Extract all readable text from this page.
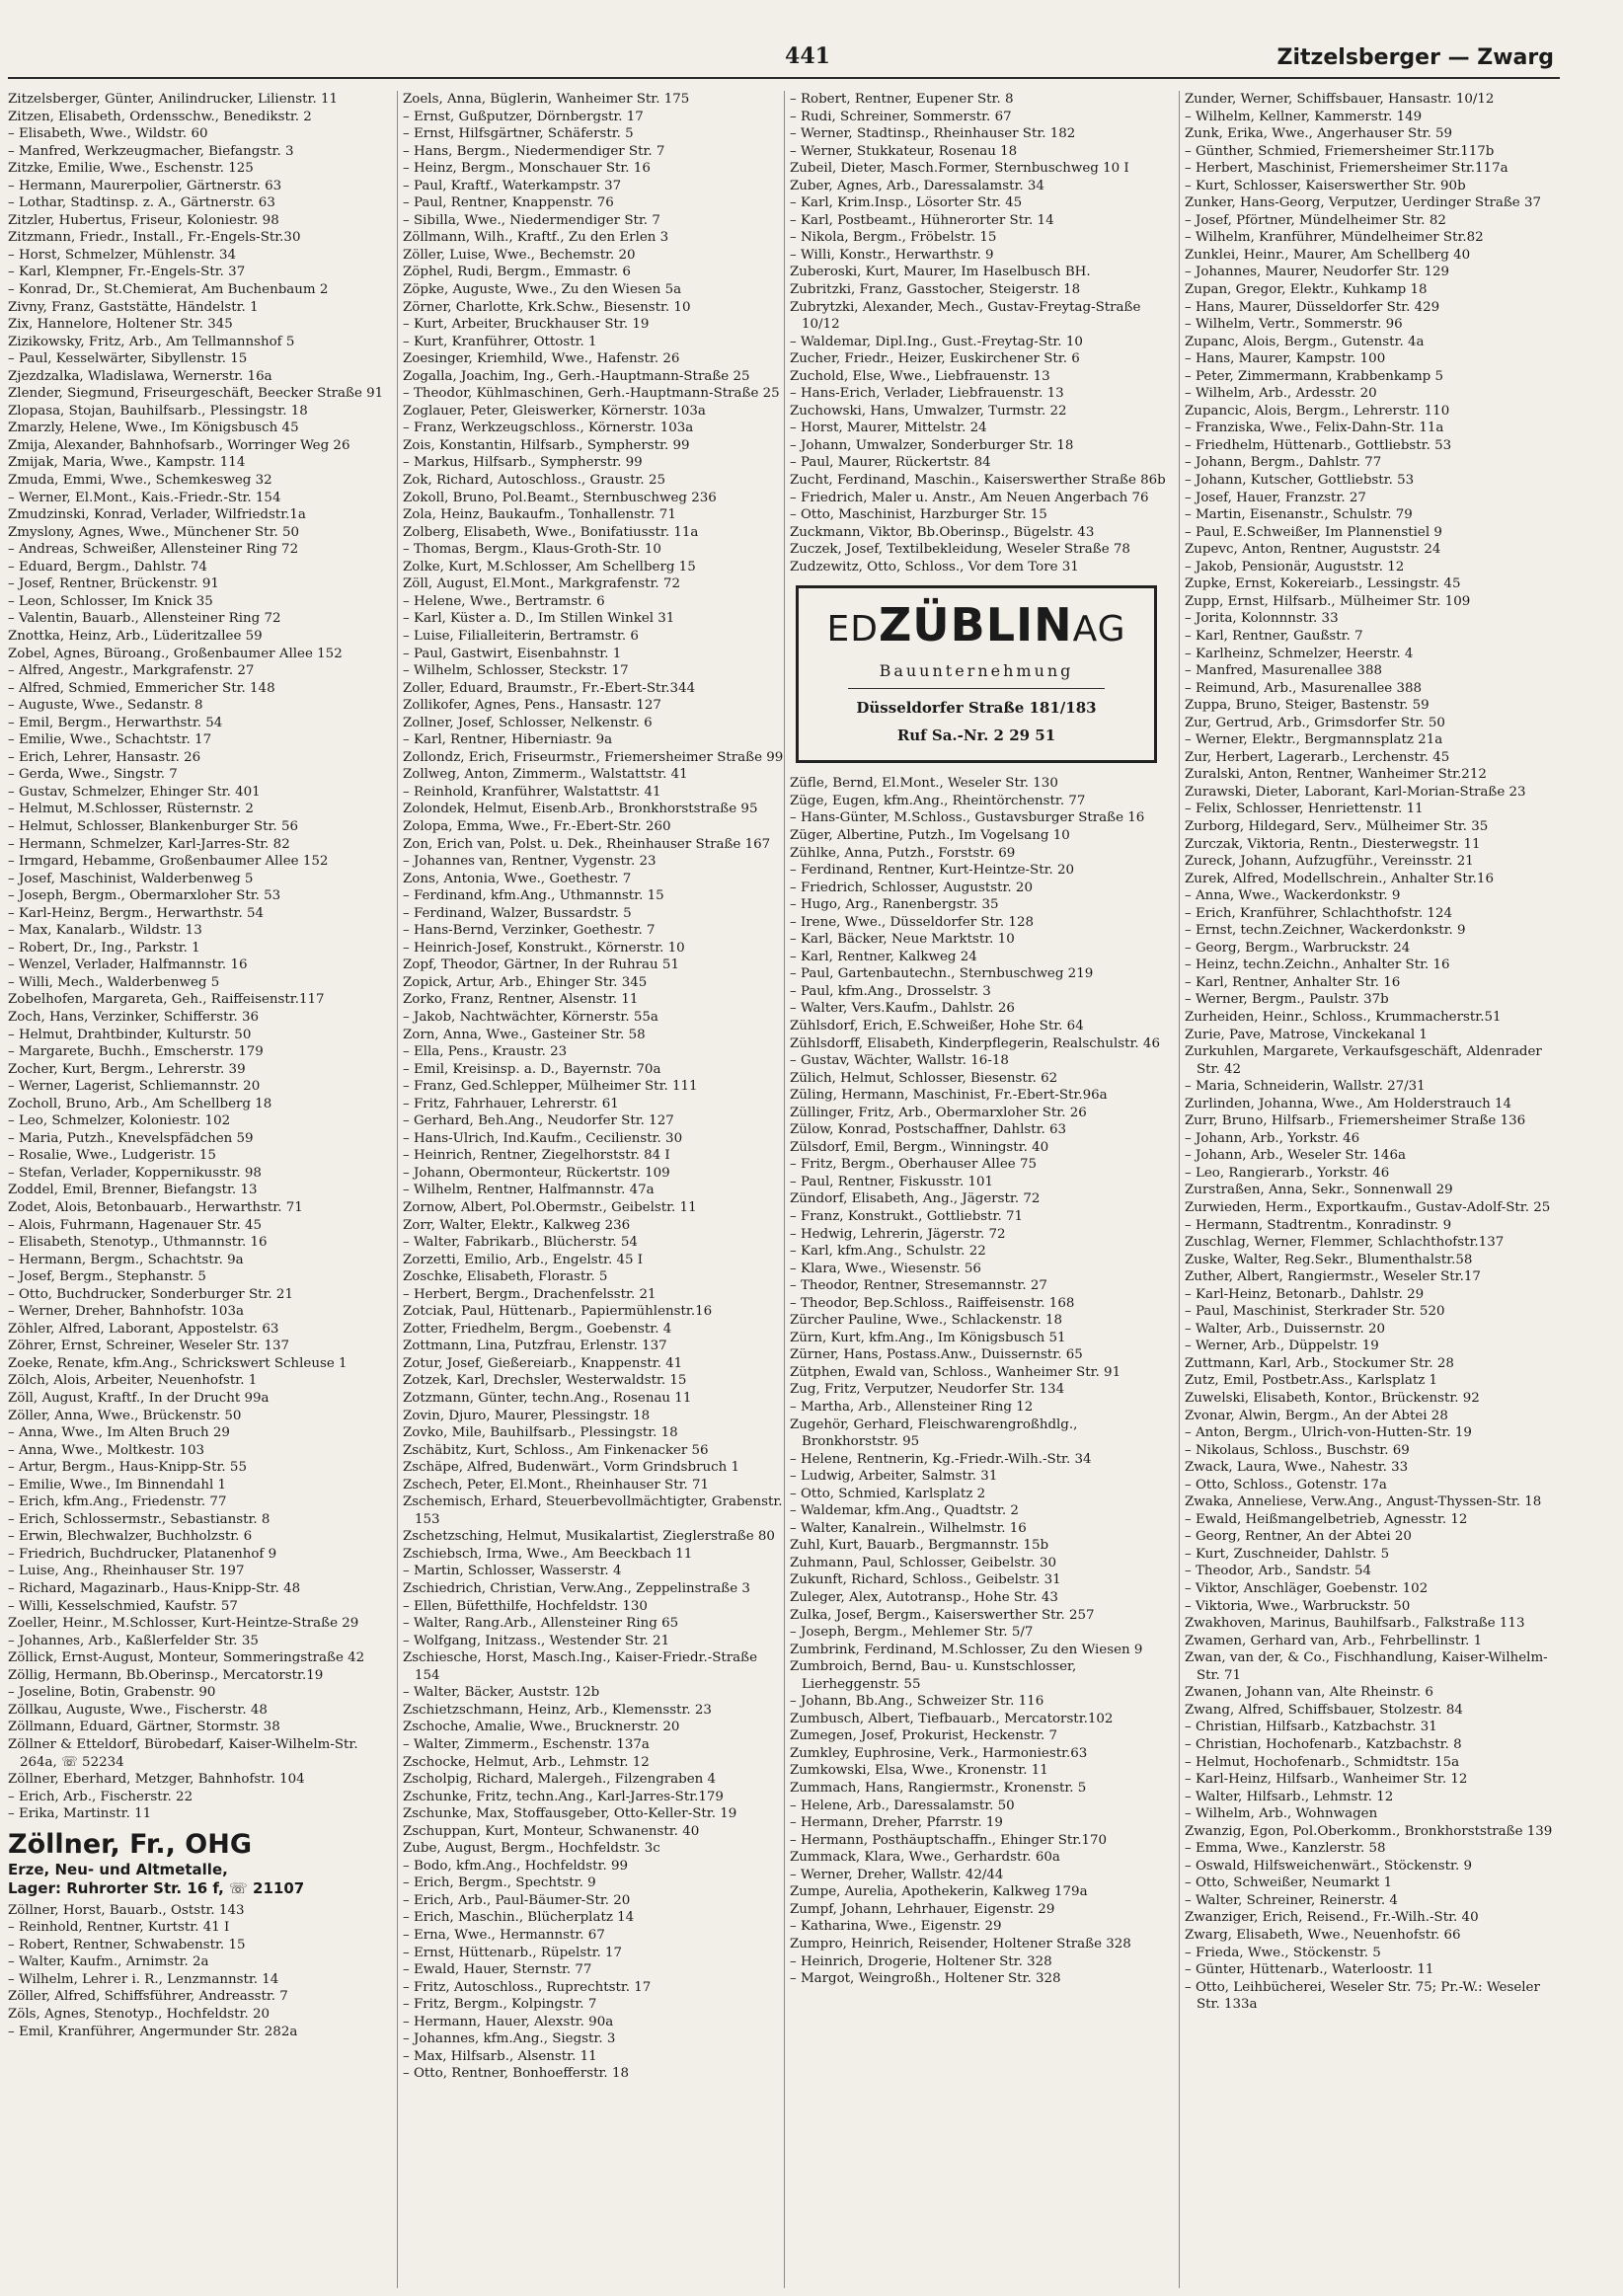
441	Zitzelsberger — Zwarg
Zitzelsberger, Günter, Anilindrucker, Lilienstr. 11
Zitzen, Elisabeth, Ordensschw., Benedikstr. 2
– Elisabeth, Wwe., Wildstr. 60
– Manfred, Werkzeugmacher, Biefangstr. 3
Zitzke, Emilie, Wwe., Eschenstr. 125
– Hermann, Maurerpolier, Gärtnerstr. 63
– Lothar, Stadtinsp. z. A., Gärtnerstr. 63
Zitzler, Hubertus, Friseur, Koloniestr. 98
Zitzmann, Friedr., Install., Fr.-Engels-Str.30
– Horst, Schmelzer, Mühlenstr. 34
– Karl, Klempner, Fr.-Engels-Str. 37
– Konrad, Dr., St.Chemierat, Am Buchenbaum 2
Zivny, Franz, Gaststätte, Händelstr. 1
Zix, Hannelore, Holtener Str. 345
Zizikowsky, Fritz, Arb., Am Tellmannshof 5
– Paul, Kesselwärter, Sibyllenstr. 15
Zjezdzalka, Wladislawa, Wernerstr. 16a
Zlender, Siegmund, Friseurgeschäft, Beecker Straße 91
Zlopasa, Stojan, Bauhilfsarb., Plessingstr. 18
Zmarzly, Helene, Wwe., Im Königsbusch 45
Zmija, Alexander, Bahnhofsarb., Worringer Weg 26
Zmijak, Maria, Wwe., Kampstr. 114
Zmuda, Emmi, Wwe., Schemkesweg 32
– Werner, El.Mont., Kais.-Friedr.-Str. 154
Zmudzinski, Konrad, Verlader, Wilfriedstr.1a
Zmyslony, Agnes, Wwe., Münchener Str. 50
– Andreas, Schweißer, Allensteiner Ring 72
– Eduard, Bergm., Dahlstr. 74
– Josef, Rentner, Brückenstr. 91
– Leon, Schlosser, Im Knick 35
– Valentin, Bauarb., Allensteiner Ring 72
Znottka, Heinz, Arb., Lüderitzallee 59
Zobel, Agnes, Büroang., Großenbaumer Allee 152
– Alfred, Angestr., Markgrafenstr. 27
– Alfred, Schmied, Emmericher Str. 148
– Auguste, Wwe., Sedanstr. 8
– Emil, Bergm., Herwarthstr. 54
– Emilie, Wwe., Schachtstr. 17
– Erich, Lehrer, Hansastr. 26
– Gerda, Wwe., Singstr. 7
– Gustav, Schmelzer, Ehinger Str. 401
– Helmut, M.Schlosser, Rüsternstr. 2
– Helmut, Schlosser, Blankenburger Str. 56
– Hermann, Schmelzer, Karl-Jarres-Str. 82
– Irmgard, Hebamme, Großenbaumer Allee 152
– Josef, Maschinist, Walderbenweg 5
– Joseph, Bergm., Obermarxloher Str. 53
– Karl-Heinz, Bergm., Herwarthstr. 54
– Max, Kanalarb., Wildstr. 13
– Robert, Dr., Ing., Parkstr. 1
– Wenzel, Verlader, Halfmannstr. 16
– Willi, Mech., Walderbenweg 5
Zobelhofen, Margareta, Geh., Raiffeisenstr.117
Zoch, Hans, Verzinker, Schifferstr. 36
– Helmut, Drahtbinder, Kulturstr. 50
– Margarete, Buchh., Emscherstr. 179
Zocher, Kurt, Bergm., Lehrerstr. 39
– Werner, Lagerist, Schliemannstr. 20
Zocholl, Bruno, Arb., Am Schellberg 18
– Leo, Schmelzer, Koloniestr. 102
– Maria, Putzh., Knevelspfädchen 59
– Rosalie, Wwe., Ludgeristr. 15
– Stefan, Verlader, Koppernikusstr. 98
Zoddel, Emil, Brenner, Biefangstr. 13
Zodet, Alois, Betonbauarb., Herwarthstr. 71
– Alois, Fuhrmann, Hagenauer Str. 45
– Elisabeth, Stenotyp., Uthmannstr. 16
– Hermann, Bergm., Schachtstr. 9a
– Josef, Bergm., Stephanstr. 5
– Otto, Buchdrucker, Sonderburger Str. 21
– Werner, Dreher, Bahnhofstr. 103a
Zöhler, Alfred, Laborant, Appostelstr. 63
Zöhrer, Ernst, Schreiner, Weseler Str. 137
Zoeke, Renate, kfm.Ang., Schrickswert Schleuse 1
Zölch, Alois, Arbeiter, Neuenhofstr. 1
Zöll, August, Kraftf., In der Drucht 99a
Zöller, Anna, Wwe., Brückenstr. 50
– Anna, Wwe., Im Alten Bruch 29
– Anna, Wwe., Moltkestr. 103
– Artur, Bergm., Haus-Knipp-Str. 55
– Emilie, Wwe., Im Binnendahl 1
– Erich, kfm.Ang., Friedenstr. 77
– Erich, Schlossermstr., Sebastianstr. 8
– Erwin, Blechwalzer, Buchholzstr. 6
– Friedrich, Buchdrucker, Platanenhof 9
– Luise, Ang., Rheinhauser Str. 197
– Richard, Magazinarb., Haus-Knipp-Str. 48
– Willi, Kesselschmied, Kaufstr. 57
Zoeller, Heinr., M.Schlosser, Kurt-Heintze-Straße 29
– Johannes, Arb., Kaßlerfelder Str. 35
Zöllick, Ernst-August, Monteur, Sommeringstraße 42
Zöllig, Hermann, Bb.Oberinsp., Mercatorstr.19
– Joseline, Botin, Grabenstr. 90
Zöllkau, Auguste, Wwe., Fischerstr. 48
Zöllmann, Eduard, Gärtner, Stormstr. 38
Zöllner & Etteldorf, Bürobedarf, Kaiser-Wilhelm-Str. 264a, ☏ 52234
Zöllner, Eberhard, Metzger, Bahnhofstr. 104
– Erich, Arb., Fischerstr. 22
– Erika, Martinstr. 11
Zöllner, Fr., OHG
Erze, Neu- und Altmetalle,
Lager: Ruhrorter Str. 16 f, ☏ 21107
Zöllner, Horst, Bauarb., Oststr. 143
– Reinhold, Rentner, Kurtstr. 41 I
– Robert, Rentner, Schwabenstr. 15
– Walter, Kaufm., Arnimstr. 2a
– Wilhelm, Lehrer i. R., Lenzmannstr. 14
Zöller, Alfred, Schiffsführer, Andreasstr. 7
Zöls, Agnes, Stenotyp., Hochfeldstr. 20
– Emil, Kranführer, Angermunder Str. 282a
Zoels, Anna, Büglerin, Wanheimer Str. 175
– Ernst, Gußputzer, Dörnbergstr. 17
– Ernst, Hilfsgärtner, Schäferstr. 5
– Hans, Bergm., Niedermendiger Str. 7
– Heinz, Bergm., Monschauer Str. 16
– Paul, Kraftf., Waterkampstr. 37
– Paul, Rentner, Knappenstr. 76
– Sibilla, Wwe., Niedermendiger Str. 7
Zöllmann, Wilh., Kraftf., Zu den Erlen 3
Zöller, Luise, Wwe., Bechemstr. 20
Zöphel, Rudi, Bergm., Emmastr. 6
Zöpke, Auguste, Wwe., Zu den Wiesen 5a
Zörner, Charlotte, Krk.Schw., Biesenstr. 10
– Kurt, Arbeiter, Bruckhauser Str. 19
– Kurt, Kranführer, Ottostr. 1
Zoesinger, Kriemhild, Wwe., Hafenstr. 26
Zogalla, Joachim, Ing., Gerh.-Hauptmann-Straße 25
– Theodor, Kühlmaschinen, Gerh.-Hauptmann-Straße 25
Zoglauer, Peter, Gleiswerker, Körnerstr. 103a
– Franz, Werkzeugschloss., Körnerstr. 103a
Zois, Konstantin, Hilfsarb., Sympherstr. 99
– Markus, Hilfsarb., Sympherstr. 99
Zok, Richard, Autoschloss., Graustr. 25
Zokoll, Bruno, Pol.Beamt., Sternbuschweg 236
Zola, Heinz, Baukaufm., Tonhallenstr. 71
Zolberg, Elisabeth, Wwe., Bonifatiusstr. 11a
– Thomas, Bergm., Klaus-Groth-Str. 10
Zolke, Kurt, M.Schlosser, Am Schellberg 15
Zöll, August, El.Mont., Markgrafenstr. 72
– Helene, Wwe., Bertramstr. 6
– Karl, Küster a. D., Im Stillen Winkel 31
– Luise, Filialleiterin, Bertramstr. 6
– Paul, Gastwirt, Eisenbahnstr. 1
– Wilhelm, Schlosser, Steckstr. 17
Zoller, Eduard, Braumstr., Fr.-Ebert-Str.344
Zollikofer, Agnes, Pens., Hansastr. 127
Zollner, Josef, Schlosser, Nelkenstr. 6
– Karl, Rentner, Hiberniastr. 9a
Zollondz, Erich, Friseurmstr., Friemersheimer Straße 99
Zollweg, Anton, Zimmerm., Walstattstr. 41
– Reinhold, Kranführer, Walstattstr. 41
Zolondek, Helmut, Eisenb.Arb., Bronkhorststraße 95
Zolopa, Emma, Wwe., Fr.-Ebert-Str. 260
Zon, Erich van, Polst. u. Dek., Rheinhauser Straße 167
– Johannes van, Rentner, Vygenstr. 23
Zons, Antonia, Wwe., Goethestr. 7
– Ferdinand, kfm.Ang., Uthmannstr. 15
– Ferdinand, Walzer, Bussardstr. 5
– Hans-Bernd, Verzinker, Goethestr. 7
– Heinrich-Josef, Konstrukt., Körnerstr. 10
Zopf, Theodor, Gärtner, In der Ruhrau 51
Zopick, Artur, Arb., Ehinger Str. 345
Zorko, Franz, Rentner, Alsenstr. 11
– Jakob, Nachtwächter, Körnerstr. 55a
Zorn, Anna, Wwe., Gasteiner Str. 58
– Ella, Pens., Kraustr. 23
– Emil, Kreisinsp. a. D., Bayernstr. 70a
– Franz, Ged.Schlepper, Mülheimer Str. 111
– Fritz, Fahrhauer, Lehrerstr. 61
– Gerhard, Beh.Ang., Neudorfer Str. 127
– Hans-Ulrich, Ind.Kaufm., Cecilienstr. 30
– Heinrich, Rentner, Ziegelhorststr. 84 I
– Johann, Obermonteur, Rückertstr. 109
– Wilhelm, Rentner, Halfmannstr. 47a
Zornow, Albert, Pol.Obermstr., Geibelstr. 11
Zorr, Walter, Elektr., Kalkweg 236
– Walter, Fabrikarb., Blücherstr. 54
Zorzetti, Emilio, Arb., Engelstr. 45 I
Zoschke, Elisabeth, Florastr. 5
– Herbert, Bergm., Drachenfelsstr. 21
Zotciak, Paul, Hüttenarb., Papiermühlenstr.16
Zotter, Friedhelm, Bergm., Goebenstr. 4
Zottmann, Lina, Putzfrau, Erlenstr. 137
Zotur, Josef, Gießereiarb., Knappenstr. 41
Zotzek, Karl, Drechsler, Westerwaldstr. 15
Zotzmann, Günter, techn.Ang., Rosenau 11
Zovin, Djuro, Maurer, Plessingstr. 18
Zovko, Mile, Bauhilfsarb., Plessingstr. 18
Zschäbitz, Kurt, Schloss., Am Finkenacker 56
Zschäpe, Alfred, Budenwärt., Vorm Grindsbruch 1
Zschech, Peter, El.Mont., Rheinhauser Str. 71
Zschemisch, Erhard, Steuerbevollmächtigter, Grabenstr. 153
Zschetzsching, Helmut, Musikalartist, Zieglerstraße 80
Zschiebsch, Irma, Wwe., Am Beeckbach 11
– Martin, Schlosser, Wasserstr. 4
Zschiedrich, Christian, Verw.Ang., Zeppelinstraße 3
– Ellen, Büfetthilfe, Hochfeldstr. 130
– Walter, Rang.Arb., Allensteiner Ring 65
– Wolfgang, Initzass., Westender Str. 21
Zschiesche, Horst, Masch.Ing., Kaiser-Friedr.-Straße 154
– Walter, Bäcker, Auststr. 12b
Zschietzschmann, Heinz, Arb., Klemensstr. 23
Zschoche, Amalie, Wwe., Brucknerstr. 20
– Walter, Zimmerm., Eschenstr. 137a
Zschocke, Helmut, Arb., Lehmstr. 12
Zscholpig, Richard, Malergeh., Filzengraben 4
Zschunke, Fritz, techn.Ang., Karl-Jarres-Str.179
Zschunke, Max, Stoffausgeber, Otto-Keller-Str. 19
Zschuppan, Kurt, Monteur, Schwanenstr. 40
Zube, August, Bergm., Hochfeldstr. 3c
– Bodo, kfm.Ang., Hochfeldstr. 99
– Erich, Bergm., Spechtstr. 9
– Erich, Arb., Paul-Bäumer-Str. 20
– Erich, Maschin., Blücherplatz 14
– Erna, Wwe., Hermannstr. 67
– Ernst, Hüttenarb., Rüpelstr. 17
– Ewald, Hauer, Sternstr. 77
– Fritz, Autoschloss., Ruprechtstr. 17
– Fritz, Bergm., Kolpingstr. 7
– Hermann, Hauer, Alexstr. 90a
– Johannes, kfm.Ang., Siegstr. 3
– Max, Hilfsarb., Alsenstr. 11
– Otto, Rentner, Bonhoefferstr. 18
– Robert, Rentner, Eupener Str. 8
– Rudi, Schreiner, Sommerstr. 67
– Werner, Stadtinsp., Rheinhauser Str. 182
– Werner, Stukkateur, Rosenau 18
Zubeil, Dieter, Masch.Former, Sternbuschweg 10 I
Zuber, Agnes, Arb., Daressalamstr. 34
– Karl, Krim.Insp., Lösorter Str. 45
– Karl, Postbeamt., Hühnerorter Str. 14
– Nikola, Bergm., Fröbelstr. 15
– Willi, Konstr., Herwarthstr. 9
Zuberoski, Kurt, Maurer, Im Haselbusch BH.
Zubritzki, Franz, Gasstocher, Steigerstr. 18
Zubrytzki, Alexander, Mech., Gustav-Freytag-Straße 10/12
– Waldemar, Dipl.Ing., Gust.-Freytag-Str. 10
Zucher, Friedr., Heizer, Euskirchener Str. 6
Zuchold, Else, Wwe., Liebfrauenstr. 13
– Hans-Erich, Verlader, Liebfrauenstr. 13
Zuchowski, Hans, Umwalzer, Turmstr. 22
– Horst, Maurer, Mittelstr. 24
– Johann, Umwalzer, Sonderburger Str. 18
– Paul, Maurer, Rückertstr. 84
Zucht, Ferdinand, Maschin., Kaiserswerther Straße 86b
– Friedrich, Maler u. Anstr., Am Neuen Angerbach 76
– Otto, Maschinist, Harzburger Str. 15
Zuckmann, Viktor, Bb.Oberinsp., Bügelstr. 43
Zuczek, Josef, Textilbekleidung, Weseler Straße 78
Zudzewitz, Otto, Schloss., Vor dem Tore 31
EDZÜBLINAG
Bauunternehmung
Düsseldorfer Straße 181/183
Ruf Sa.-Nr. 2 29 51
Züfle, Bernd, El.Mont., Weseler Str. 130
Züge, Eugen, kfm.Ang., Rheintörchenstr. 77
– Hans-Günter, M.Schloss., Gustavsburger Straße 16
Züger, Albertine, Putzh., Im Vogelsang 10
Zühlke, Anna, Putzh., Forststr. 69
– Ferdinand, Rentner, Kurt-Heintze-Str. 20
– Friedrich, Schlosser, Auguststr. 20
– Hugo, Arg., Ranenbergstr. 35
– Irene, Wwe., Düsseldorfer Str. 128
– Karl, Bäcker, Neue Marktstr. 10
– Karl, Rentner, Kalkweg 24
– Paul, Gartenbautechn., Sternbuschweg 219
– Paul, kfm.Ang., Drosselstr. 3
– Walter, Vers.Kaufm., Dahlstr. 26
Zühlsdorf, Erich, E.Schweißer, Hohe Str. 64
Zühlsdorff, Elisabeth, Kinderpflegerin, Realschulstr. 46
– Gustav, Wächter, Wallstr. 16-18
Zülich, Helmut, Schlosser, Biesenstr. 62
Züling, Hermann, Maschinist, Fr.-Ebert-Str.96a
Züllinger, Fritz, Arb., Obermarxloher Str. 26
Zülow, Konrad, Postschaffner, Dahlstr. 63
Zülsdorf, Emil, Bergm., Winningstr. 40
– Fritz, Bergm., Oberhauser Allee 75
– Paul, Rentner, Fiskusstr. 101
Zündorf, Elisabeth, Ang., Jägerstr. 72
– Franz, Konstrukt., Gottliebstr. 71
– Hedwig, Lehrerin, Jägerstr. 72
– Karl, kfm.Ang., Schulstr. 22
– Klara, Wwe., Wiesenstr. 56
– Theodor, Rentner, Stresemannstr. 27
– Theodor, Bep.Schloss., Raiffeisenstr. 168
Zürcher Pauline, Wwe., Schlackenstr. 18
Zürn, Kurt, kfm.Ang., Im Königsbusch 51
Zürner, Hans, Postass.Anw., Duissernstr. 65
Zütphen, Ewald van, Schloss., Wanheimer Str. 91
Zug, Fritz, Verputzer, Neudorfer Str. 134
– Martha, Arb., Allensteiner Ring 12
Zugehör, Gerhard, Fleischwarengroßhdlg., Bronkhorststr. 95
– Helene, Rentnerin, Kg.-Friedr.-Wilh.-Str. 34
– Ludwig, Arbeiter, Salmstr. 31
– Otto, Schmied, Karlsplatz 2
– Waldemar, kfm.Ang., Quadtstr. 2
– Walter, Kanalrein., Wilhelmstr. 16
Zuhl, Kurt, Bauarb., Bergmannstr. 15b
Zuhmann, Paul, Schlosser, Geibelstr. 30
Zukunft, Richard, Schloss., Geibelstr. 31
Zuleger, Alex, Autotransp., Hohe Str. 43
Zulka, Josef, Bergm., Kaiserswerther Str. 257
– Joseph, Bergm., Mehlemer Str. 5/7
Zumbrink, Ferdinand, M.Schlosser, Zu den Wiesen 9
Zumbroich, Bernd, Bau- u. Kunstschlosser, Lierheggenstr. 55
– Johann, Bb.Ang., Schweizer Str. 116
Zumbusch, Albert, Tiefbauarb., Mercatorstr.102
Zumegen, Josef, Prokurist, Heckenstr. 7
Zumkley, Euphrosine, Verk., Harmoniestr.63
Zumkowski, Elsa, Wwe., Kronenstr. 11
Zummach, Hans, Rangiermstr., Kronenstr. 5
– Helene, Arb., Daressalamstr. 50
– Hermann, Dreher, Pfarrstr. 19
– Hermann, Posthäuptschaffn., Ehinger Str.170
Zummack, Klara, Wwe., Gerhardstr. 60a
– Werner, Dreher, Wallstr. 42/44
Zumpe, Aurelia, Apothekerin, Kalkweg 179a
Zumpf, Johann, Lehrhauer, Eigenstr. 29
– Katharina, Wwe., Eigenstr. 29
Zumpro, Heinrich, Reisender, Holtener Straße 328
– Heinrich, Drogerie, Holtener Str. 328
– Margot, Weingroßh., Holtener Str. 328
Zunder, Werner, Schiffsbauer, Hansastr. 10/12
– Wilhelm, Kellner, Kammerstr. 149
Zunk, Erika, Wwe., Angerhauser Str. 59
– Günther, Schmied, Friemersheimer Str.117b
– Herbert, Maschinist, Friemersheimer Str.117a
– Kurt, Schlosser, Kaiserswerther Str. 90b
Zunker, Hans-Georg, Verputzer, Uerdinger Straße 37
– Josef, Pförtner, Mündelheimer Str. 82
– Wilhelm, Kranführer, Mündelheimer Str.82
Zunklei, Heinr., Maurer, Am Schellberg 40
– Johannes, Maurer, Neudorfer Str. 129
Zupan, Gregor, Elektr., Kuhkamp 18
– Hans, Maurer, Düsseldorfer Str. 429
– Wilhelm, Vertr., Sommerstr. 96
Zupanc, Alois, Bergm., Gutenstr. 4a
– Hans, Maurer, Kampstr. 100
– Peter, Zimmermann, Krabbenkamp 5
– Wilhelm, Arb., Ardesstr. 20
Zupancic, Alois, Bergm., Lehrerstr. 110
– Franziska, Wwe., Felix-Dahn-Str. 11a
– Friedhelm, Hüttenarb., Gottliebstr. 53
– Johann, Bergm., Dahlstr. 77
– Johann, Kutscher, Gottliebstr. 53
– Josef, Hauer, Franzstr. 27
– Martin, Eisenanstr., Schulstr. 79
– Paul, E.Schweißer, Im Plannenstiel 9
Zupevc, Anton, Rentner, Auguststr. 24
– Jakob, Pensionär, Auguststr. 12
Zupke, Ernst, Kokereiarb., Lessingstr. 45
Zupp, Ernst, Hilfsarb., Mülheimer Str. 109
– Jorita, Kolonnnstr. 33
– Karl, Rentner, Gaußstr. 7
– Karlheinz, Schmelzer, Heerstr. 4
– Manfred, Masurenallee 388
– Reimund, Arb., Masurenallee 388
Zuppa, Bruno, Steiger, Bastenstr. 59
Zur, Gertrud, Arb., Grimsdorfer Str. 50
– Werner, Elektr., Bergmannsplatz 21a
Zur, Herbert, Lagerarb., Lerchenstr. 45
Zuralski, Anton, Rentner, Wanheimer Str.212
Zurawski, Dieter, Laborant, Karl-Morian-Straße 23
– Felix, Schlosser, Henriettenstr. 11
Zurborg, Hildegard, Serv., Mülheimer Str. 35
Zurczak, Viktoria, Rentn., Diesterwegstr. 11
Zureck, Johann, Aufzugführ., Vereinsstr. 21
Zurek, Alfred, Modellschrein., Anhalter Str.16
– Anna, Wwe., Wackerdonkstr. 9
– Erich, Kranführer, Schlachthofstr. 124
– Ernst, techn.Zeichner, Wackerdonkstr. 9
– Georg, Bergm., Warbruckstr. 24
– Heinz, techn.Zeichn., Anhalter Str. 16
– Karl, Rentner, Anhalter Str. 16
– Werner, Bergm., Paulstr. 37b
Zurheiden, Heinr., Schloss., Krummacherstr.51
Zurie, Pave, Matrose, Vinckekanal 1
Zurkuhlen, Margarete, Verkaufsgeschäft, Aldenrader Str. 42
– Maria, Schneiderin, Wallstr. 27/31
Zurlinden, Johanna, Wwe., Am Holderstrauch 14
Zurr, Bruno, Hilfsarb., Friemersheimer Straße 136
– Johann, Arb., Yorkstr. 46
– Johann, Arb., Weseler Str. 146a
– Leo, Rangierarb., Yorkstr. 46
Zurstraßen, Anna, Sekr., Sonnenwall 29
Zurwieden, Herm., Exportkaufm., Gustav-Adolf-Str. 25
– Hermann, Stadtrentm., Konradinstr. 9
Zuschlag, Werner, Flemmer, Schlachthofstr.137
Zuske, Walter, Reg.Sekr., Blumenthalstr.58
Zuther, Albert, Rangiermstr., Weseler Str.17
– Karl-Heinz, Betonarb., Dahlstr. 29
– Paul, Maschinist, Sterkrader Str. 520
– Walter, Arb., Duissernstr. 20
– Werner, Arb., Düppelstr. 19
Zuttmann, Karl, Arb., Stockumer Str. 28
Zutz, Emil, Postbetr.Ass., Karlsplatz 1
Zuwelski, Elisabeth, Kontor., Brückenstr. 92
Zvonar, Alwin, Bergm., An der Abtei 28
– Anton, Bergm., Ulrich-von-Hutten-Str. 19
– Nikolaus, Schloss., Buschstr. 69
Zwack, Laura, Wwe., Nahestr. 33
– Otto, Schloss., Gotenstr. 17a
Zwaka, Anneliese, Verw.Ang., Angust-Thyssen-Str. 18
– Ewald, Heißmangelbetrieb, Agnesstr. 12
– Georg, Rentner, An der Abtei 20
– Kurt, Zuschneider, Dahlstr. 5
– Theodor, Arb., Sandstr. 54
– Viktor, Anschläger, Goebenstr. 102
– Viktoria, Wwe., Warbruckstr. 50
Zwakhoven, Marinus, Bauhilfsarb., Falkstraße 113
Zwamen, Gerhard van, Arb., Fehrbellinstr. 1
Zwan, van der, & Co., Fischhandlung, Kaiser-Wilhelm-Str. 71
Zwanen, Johann van, Alte Rheinstr. 6
Zwang, Alfred, Schiffsbauer, Stolzestr. 84
– Christian, Hilfsarb., Katzbachstr. 31
– Christian, Hochofenarb., Katzbachstr. 8
– Helmut, Hochofenarb., Schmidtstr. 15a
– Karl-Heinz, Hilfsarb., Wanheimer Str. 12
– Walter, Hilfsarb., Lehmstr. 12
– Wilhelm, Arb., Wohnwagen
Zwanzig, Egon, Pol.Oberkomm., Bronkhorststraße 139
– Emma, Wwe., Kanzlerstr. 58
– Oswald, Hilfsweichenwärt., Stöckenstr. 9
– Otto, Schweißer, Neumarkt 1
– Walter, Schreiner, Reinerstr. 4
Zwanziger, Erich, Reisend., Fr.-Wilh.-Str. 40
Zwarg, Elisabeth, Wwe., Neuenhofstr. 66
– Frieda, Wwe., Stöckenstr. 5
– Günter, Hüttenarb., Waterloostr. 11
– Otto, Leihbücherei, Weseler Str. 75; Pr.-W.: Weseler Str. 133a
